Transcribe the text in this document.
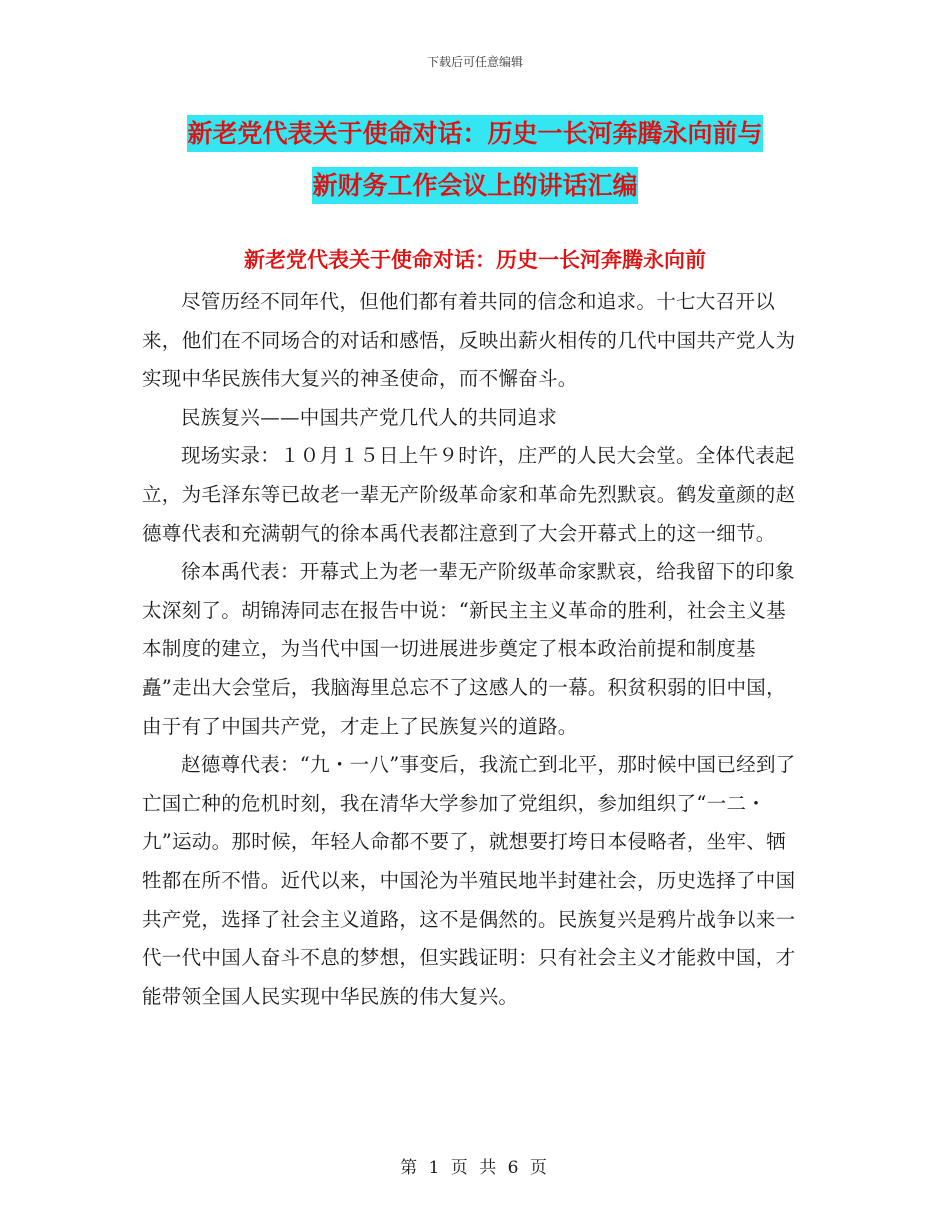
下载后可任意编辑
新老党代表关于使命对话：历史一长河奔腾永向前与
新财务工作会议上的讲话汇编
新老党代表关于使命对话：历史一长河奔腾永向前

尽管历经不同年代，但他们都有着共同的信念和追求。十七大召开以来，他们在不同场合的对话和感悟，反映出薪火相传的几代中国共产党人为实现中华民族伟大复兴的神圣使命，而不懈奋斗。

民族复兴——中国共产党几代人的共同追求

现场实录：１０月１５日上午９时许，庄严的人民大会堂。全体代表起立，为毛泽东等已故老一辈无产阶级革命家和革命先烈默哀。鹤发童颜的赵德尊代表和充满朝气的徐本禹代表都注意到了大会开幕式上的这一细节。

徐本禹代表：开幕式上为老一辈无产阶级革命家默哀，给我留下的印象太深刻了。胡锦涛同志在报告中说：“新民主主义革命的胜利，社会主义基本制度的建立，为当代中国一切进展进步奠定了根本政治前提和制度基矗”走出大会堂后，我脑海里总忘不了这感人的一幕。积贫积弱的旧中国，由于有了中国共产党，才走上了民族复兴的道路。

赵德尊代表：“九・一八”事变后，我流亡到北平，那时候中国已经到了亡国亡种的危机时刻，我在清华大学参加了党组织，参加组织了“一二・九”运动。那时候，年轻人命都不要了，就想要打垮日本侵略者，坐牢、牺牲都在所不惜。近代以来，中国沦为半殖民地半封建社会，历史选择了中国共产党，选择了社会主义道路，这不是偶然的。民族复兴是鸦片战争以来一代一代中国人奋斗不息的梦想，但实践证明：只有社会主义才能救中国，才能带领全国人民实现中华民族的伟大复兴。

第 1 页 共 6 页
